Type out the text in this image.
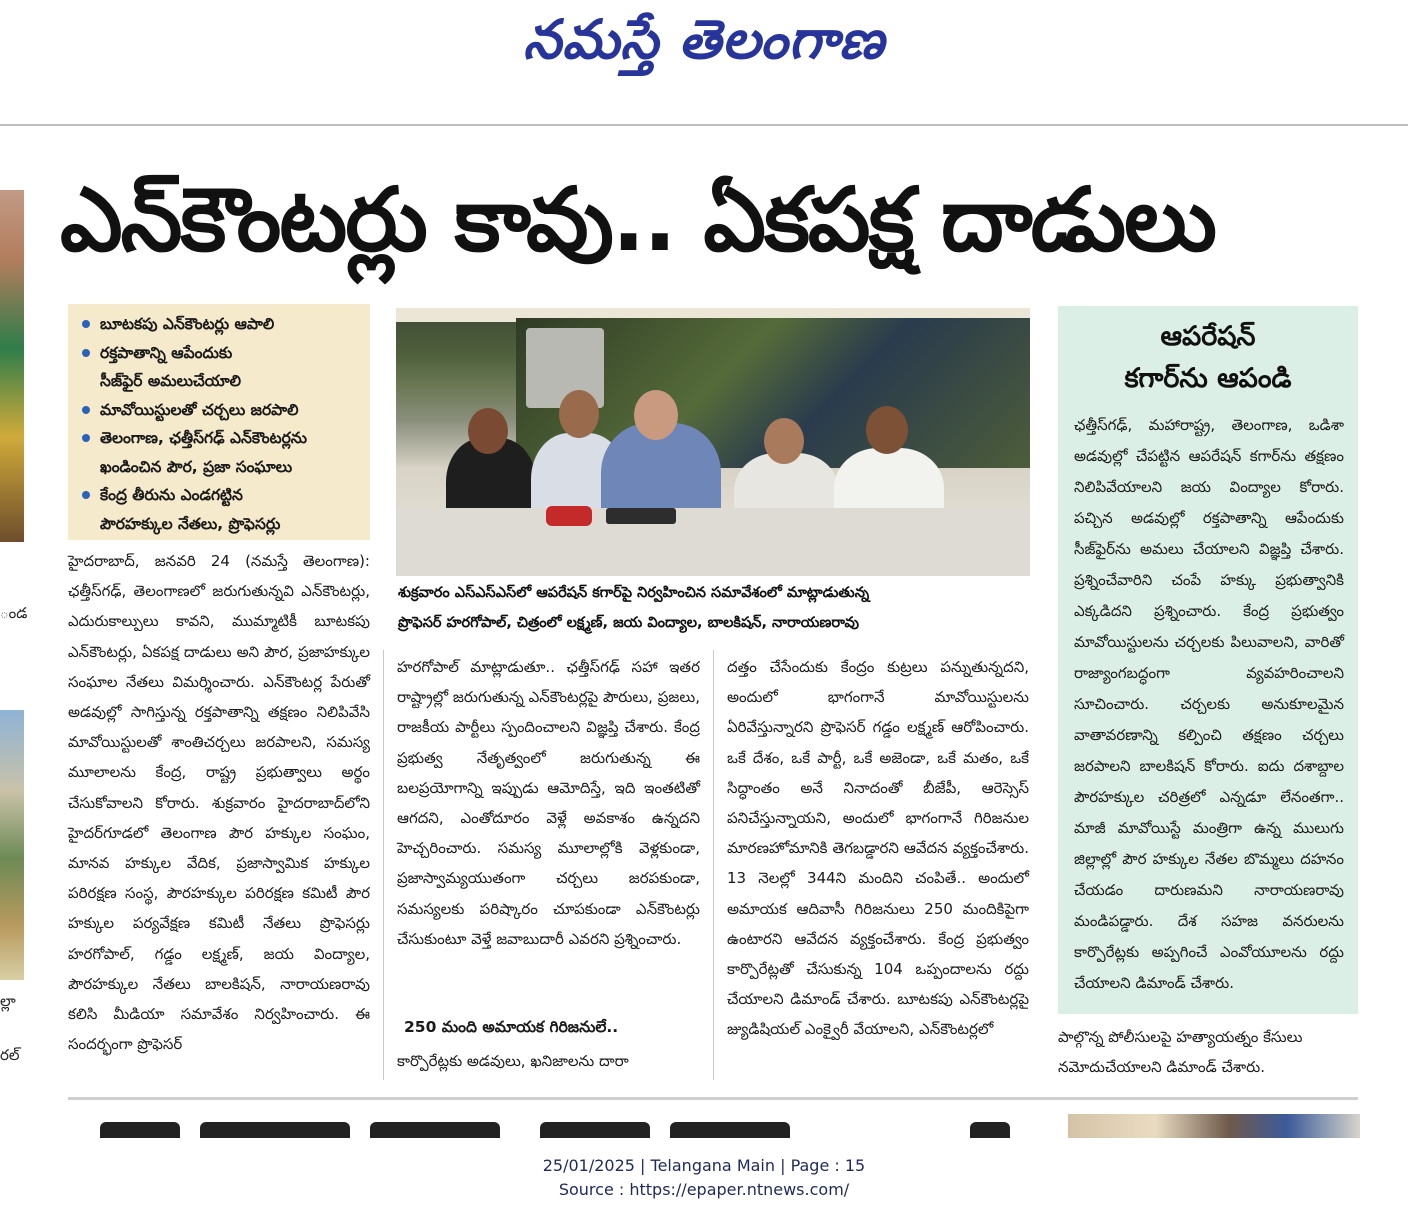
నమస్తే తెలంగాణ
ండ
ల్లా
రల్
ఎన్‌కౌంటర్లు కావు.. ఏకపక్ష దాడులు
బూటకపు ఎన్‌కౌంటర్లు ఆపాలి
రక్తపాతాన్ని ఆపేందుకు
సీజ్‌ఫైర్ అమలుచేయాలి
మావోయిస్టులతో చర్చలు జరపాలి
తెలంగాణ, ఛత్తీస్‌గఢ్ ఎన్‌కౌంటర్లను
ఖండించిన పౌర, ప్రజా సంఘాలు
కేంద్ర తీరును ఎండగట్టిన
పౌరహక్కుల నేతలు, ప్రొఫెసర్లు
శుక్రవారం ఎస్‌ఎస్‌ఎస్‌లో ఆపరేషన్ కగార్‌పై నిర్వహించిన సమావేశంలో మాట్లాడుతున్న
ప్రొఫెసర్ హరగోపాల్, చిత్రంలో లక్ష్మణ్, జయ వింద్యాల, బాలకిషన్, నారాయణరావు
ఆపరేషన్
కగార్‌ను ఆపండి
ఛత్తీస్‌గఢ్, మహారాష్ట్ర, తెలంగాణ, ఒడిశా అడవుల్లో చేపట్టిన ఆపరేషన్ కగార్‌ను తక్షణం నిలిపివేయాలని జయ వింద్యాల కోరారు. పచ్చిన అడవుల్లో రక్తపాతాన్ని ఆపేందుకు సీజ్‌ఫైర్‌ను అమలు చేయాలని విజ్ఞప్తి చేశారు. ప్రశ్నించేవారిని చంపే హక్కు ప్రభుత్వానికి ఎక్కడిదని ప్రశ్నించారు. కేంద్ర ప్రభుత్వం మావోయిస్టులను చర్చలకు పిలువాలని, వారితో రాజ్యాంగబద్ధంగా వ్యవహరించాలని సూచించారు. చర్చలకు అనుకూలమైన వాతావరణాన్ని కల్పించి తక్షణం చర్చలు జరపాలని బాలకిషన్ కోరారు. ఐదు దశాబ్దాల పౌరహక్కుల చరిత్రలో ఎన్నడూ లేనంతగా.. మాజీ మావోయిస్టే మంత్రిగా ఉన్న ములుగు జిల్లాల్లో పౌర హక్కుల నేతల బొమ్మలు దహనం చేయడం దారుణమని నారాయణరావు మండిపడ్డారు. దేశ సహజ వనరులను కార్పొరేట్లకు అప్పగించే ఎంవోయూలను రద్దు చేయాలని డిమాండ్ చేశారు.
పాల్గొన్న పోలీసులపై హత్యాయత్నం కేసులు నమోదుచేయాలని డిమాండ్ చేశారు.
హైదరాబాద్, జనవరి 24 (నమస్తే తెలంగాణ): ఛత్తీస్‌గఢ్, తెలంగాణలో జరుగుతున్నవి ఎన్‌కౌంటర్లు, ఎదురుకాల్పులు కావని, ముమ్మాటికీ బూటకపు ఎన్‌కౌంటర్లు, ఏకపక్ష దాడులు అని పౌర, ప్రజాహక్కుల సంఘాల నేతలు విమర్శించారు. ఎన్‌కౌంటర్ల పేరుతో అడవుల్లో సాగిస్తున్న రక్తపాతాన్ని తక్షణం నిలిపివేసి మావోయిస్టులతో శాంతిచర్చలు జరపాలని, సమస్య మూలాలను కేంద్ర, రాష్ట్ర ప్రభుత్వాలు అర్థం చేసుకోవాలని కోరారు. శుక్రవారం హైదరాబాద్‌లోని హైదర్‌గూడలో తెలంగాణ పౌర హక్కుల సంఘం, మానవ హక్కుల వేదిక, ప్రజాస్వామిక హక్కుల పరిరక్షణ సంస్థ, పౌరహక్కుల పరిరక్షణ కమిటీ పౌర హక్కుల పర్యవేక్షణ కమిటీ నేతలు ప్రొఫెసర్లు హరగోపాల్, గడ్డం లక్ష్మణ్, జయ వింద్యాల, పౌరహక్కుల నేతలు బాలకిషన్, నారాయణరావు కలిసి మీడియా సమావేశం నిర్వహించారు. ఈ సందర్భంగా ప్రొఫెసర్
హరగోపాల్ మాట్లాడుతూ.. ఛత్తీస్‌గఢ్ సహా ఇతర రాష్ట్రాల్లో జరుగుతున్న ఎన్‌కౌంటర్లపై పౌరులు, ప్రజలు, రాజకీయ పార్టీలు స్పందించాలని విజ్ఞప్తి చేశారు. కేంద్ర ప్రభుత్వ నేతృత్వంలో జరుగుతున్న ఈ బలప్రయోగాన్ని ఇప్పుడు ఆమోదిస్తే, ఇది ఇంతటితో ఆగదని, ఎంతోదూరం వెళ్లే అవకాశం ఉన్నదని హెచ్చరించారు. సమస్య మూలాల్లోకి వెళ్లకుండా, ప్రజాస్వామ్యయుతంగా చర్చలు జరపకుండా, సమస్యలకు పరిష్కారం చూపకుండా ఎన్‌కౌంటర్లు చేసుకుంటూ వెళ్తే జవాబుదారీ ఎవరని ప్రశ్నించారు.
250 మంది అమాయక గిరిజనులే..
కార్పొరేట్లకు అడవులు, ఖనిజాలను దారా
దత్తం చేసేందుకు కేంద్రం కుట్రలు పన్నుతున్నదని, అందులో భాగంగానే మావోయిస్టులను ఏరివేస్తున్నారని ప్రొఫెసర్ గడ్డం లక్ష్మణ్ ఆరోపించారు. ఒకే దేశం, ఒకే పార్టీ, ఒకే అజెండా, ఒకే మతం, ఒకే సిద్ధాంతం అనే నినాదంతో బీజేపీ, ఆరెస్సెస్ పనిచేస్తున్నాయని, అందులో భాగంగానే గిరిజనుల మారణహోమానికి తెగబడ్డారని ఆవేదన వ్యక్తంచేశారు. 13 నెలల్లో 344ని మందిని చంపితే.. అందులో అమాయక ఆదివాసీ గిరిజనులు 250 మందికిపైగా ఉంటారని ఆవేదన వ్యక్తంచేశారు. కేంద్ర ప్రభుత్వం కార్పొరేట్లతో చేసుకున్న 104 ఒప్పందాలను రద్దు చేయాలని డిమాండ్ చేశారు. బూటకపు ఎన్‌కౌంటర్లపై జ్యుడిషియల్ ఎంక్వైరీ వేయాలని, ఎన్‌కౌంటర్లలో
25/01/2025 | Telangana Main | Page : 15
Source : https://epaper.ntnews.com/
